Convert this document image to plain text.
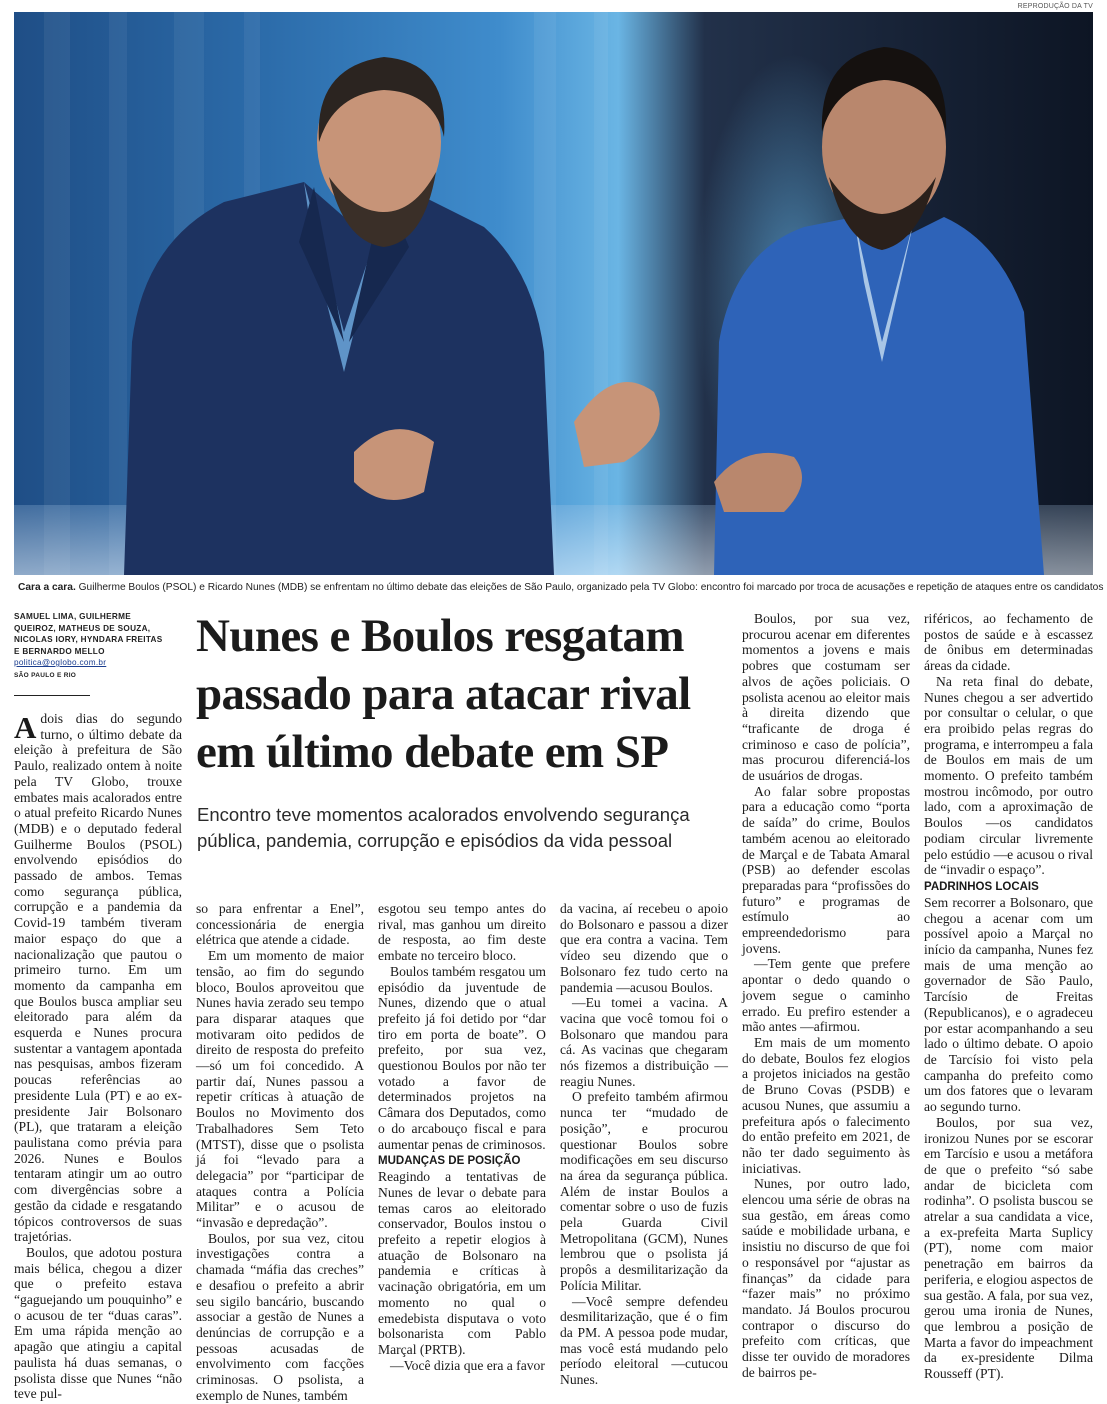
REPRODUÇÃO DA TV
Cara a cara. Guilherme Boulos (PSOL) e Ricardo Nunes (MDB) se enfrentam no último debate das eleições de São Paulo, organizado pela TV Globo: encontro foi marcado por troca de acusações e repetição de ataques entre os candidatos
SAMUEL LIMA, GUILHERME
QUEIROZ, MATHEUS DE SOUZA,
NICOLAS IORY, HYNDARA FREITAS
E BERNARDO MELLO
politica@oglobo.com.br
SÃO PAULO E RIO
Nunes e Boulos resgatam passado para atacar rival em último debate em SP
Encontro teve momentos acalorados envolvendo segurança pública, pandemia, corrupção e episódios da vida pessoal

A dois dias do segundo turno, o último debate da eleição à prefeitura de São Paulo, realizado ontem à noite pela TV Globo, trouxe embates mais acalorados entre o atual prefeito Ricardo Nunes (MDB) e o deputado federal Guilherme Boulos (PSOL) envolvendo episódios do passado de ambos. Temas como segurança pública, corrupção e a pandemia da Covid-19 também tiveram maior espaço do que a nacionalização que pautou o primeiro turno. Em um momento da campanha em que Boulos busca ampliar seu eleitorado para além da esquerda e Nunes procura sustentar a vantagem apontada nas pesquisas, ambos fizeram poucas referências ao presidente Lula (PT) e ao ex-presidente Jair Bolsonaro (PL), que trataram a eleição paulistana como prévia para 2026. Nunes e Boulos tentaram atingir um ao outro com divergências sobre a gestão da cidade e resgatando tópicos controversos de suas trajetórias.

Boulos, que adotou postura mais bélica, chegou a dizer que o prefeito estava “gaguejando um pouquinho” e o acusou de ter “duas caras”. Em uma rápida menção ao apagão que atingiu a capital paulista há duas semanas, o psolista disse que Nunes “não teve pul-

so para enfrentar a Enel”, concessionária de energia elétrica que atende a cidade.

Em um momento de maior tensão, ao fim do segundo bloco, Boulos aproveitou que Nunes havia zerado seu tempo para disparar ataques que motivaram oito pedidos de direito de resposta do prefeito —só um foi concedido. A partir daí, Nunes passou a repetir críticas à atuação de Boulos no Movimento dos Trabalhadores Sem Teto (MTST), disse que o psolista já foi “levado para a delegacia” por “participar de ataques contra a Polícia Militar” e o acusou de “invasão e depredação”.

Boulos, por sua vez, citou investigações contra a chamada “máfia das creches” e desafiou o prefeito a abrir seu sigilo bancário, buscando associar a gestão de Nunes a denúncias de corrupção e a pessoas acusadas de envolvimento com facções criminosas. O psolista, a exemplo de Nunes, também

esgotou seu tempo antes do rival, mas ganhou um direito de resposta, ao fim deste embate no terceiro bloco.

Boulos também resgatou um episódio da juventude de Nunes, dizendo que o atual prefeito já foi detido por “dar tiro em porta de boate”. O prefeito, por sua vez, questionou Boulos por não ter votado a favor de determinados projetos na Câmara dos Deputados, como o do arcabouço fiscal e para aumentar penas de criminosos.

MUDANÇAS DE POSIÇÃO

Reagindo a tentativas de Nunes de levar o debate para temas caros ao eleitorado conservador, Boulos instou o prefeito a repetir elogios à atuação de Bolsonaro na pandemia e críticas à vacinação obrigatória, em um momento no qual o emedebista disputava o voto bolsonarista com Pablo Marçal (PRTB).

—Você dizia que era a favor

da vacina, aí recebeu o apoio do Bolsonaro e passou a dizer que era contra a vacina. Tem vídeo seu dizendo que o Bolsonaro fez tudo certo na pandemia —acusou Boulos.

—Eu tomei a vacina. A vacina que você tomou foi o Bolsonaro que mandou para cá. As vacinas que chegaram nós fizemos a distribuição —reagiu Nunes.

O prefeito também afirmou nunca ter “mudado de posição”, e procurou questionar Boulos sobre modificações em seu discurso na área da segurança pública. Além de instar Boulos a comentar sobre o uso de fuzis pela Guarda Civil Metropolitana (GCM), Nunes lembrou que o psolista já propôs a desmilitarização da Polícia Militar.

—Você sempre defendeu desmilitarização, que é o fim da PM. A pessoa pode mudar, mas você está mudando pelo período eleitoral —cutucou Nunes.

Boulos, por sua vez, procurou acenar em diferentes momentos a jovens e mais pobres que costumam ser alvos de ações policiais. O psolista acenou ao eleitor mais à direita dizendo que “traficante de droga é criminoso e caso de polícia”, mas procurou diferenciá-los de usuários de drogas.

Ao falar sobre propostas para a educação como “porta de saída” do crime, Boulos também acenou ao eleitorado de Marçal e de Tabata Amaral (PSB) ao defender escolas preparadas para “profissões do futuro” e programas de estímulo ao empreendedorismo para jovens.

—Tem gente que prefere apontar o dedo quando o jovem segue o caminho errado. Eu prefiro estender a mão antes —afirmou.

Em mais de um momento do debate, Boulos fez elogios a projetos iniciados na gestão de Bruno Covas (PSDB) e acusou Nunes, que assumiu a prefeitura após o falecimento do então prefeito em 2021, de não ter dado seguimento às iniciativas.

Nunes, por outro lado, elencou uma série de obras na sua gestão, em áreas como saúde e mobilidade urbana, e insistiu no discurso de que foi o responsável por “ajustar as finanças” da cidade para “fazer mais” no próximo mandato. Já Boulos procurou contrapor o discurso do prefeito com críticas, que disse ter ouvido de moradores de bairros pe-

riféricos, ao fechamento de postos de saúde e à escassez de ônibus em determinadas áreas da cidade.

Na reta final do debate, Nunes chegou a ser advertido por consultar o celular, o que era proibido pelas regras do programa, e interrompeu a fala de Boulos em mais de um momento. O prefeito também mostrou incômodo, por outro lado, com a aproximação de Boulos —os candidatos podiam circular livremente pelo estúdio —e acusou o rival de “invadir o espaço”.

PADRINHOS LOCAIS

Sem recorrer a Bolsonaro, que chegou a acenar com um possível apoio a Marçal no início da campanha, Nunes fez mais de uma menção ao governador de São Paulo, Tarcísio de Freitas (Republicanos), e o agradeceu por estar acompanhando a seu lado o último debate. O apoio de Tarcísio foi visto pela campanha do prefeito como um dos fatores que o levaram ao segundo turno.

Boulos, por sua vez, ironizou Nunes por se escorar em Tarcísio e usou a metáfora de que o prefeito “só sabe andar de bicicleta com rodinha”. O psolista buscou se atrelar a sua candidata a vice, a ex-prefeita Marta Suplicy (PT), nome com maior penetração em bairros da periferia, e elogiou aspectos de sua gestão. A fala, por sua vez, gerou uma ironia de Nunes, que lembrou a posição de Marta a favor do impeachment da ex-presidente Dilma Rousseff (PT).
